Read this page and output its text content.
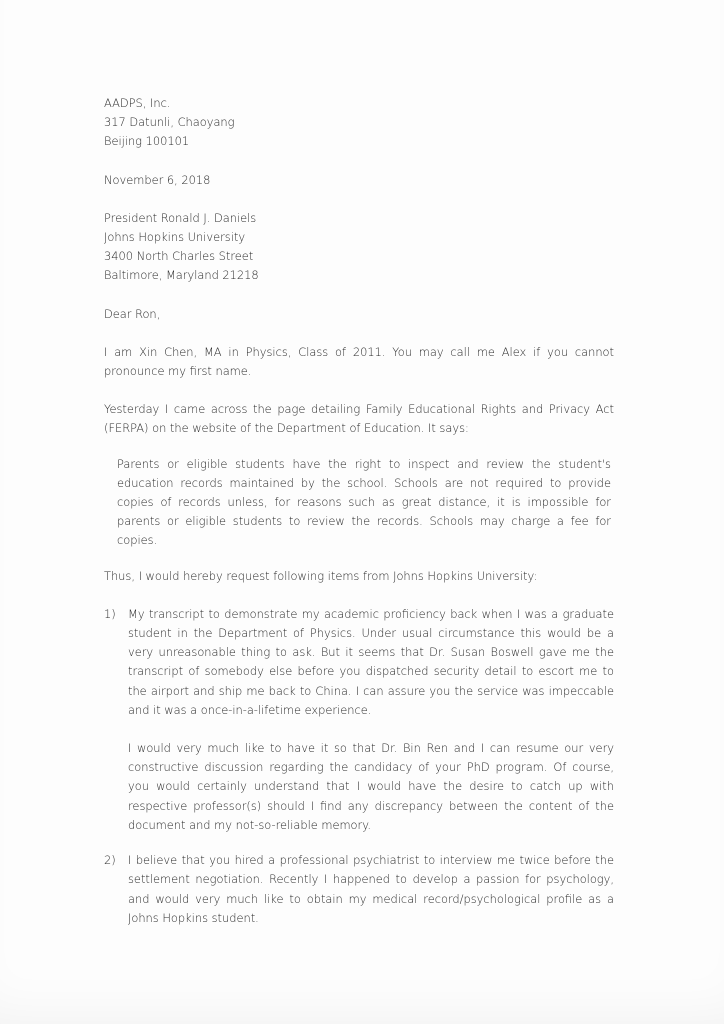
AADPS, Inc.
317 Datunli, Chaoyang
Beijing 100101
November 6, 2018
President Ronald J. Daniels
Johns Hopkins University
3400 North Charles Street
Baltimore, Maryland 21218
Dear Ron,

I am Xin Chen, MA in Physics, Class of 2011. You may call me Alex if you cannot pronounce my first name.

Yesterday I came across the page detailing Family Educational Rights and Privacy Act (FERPA) on the website of the Department of Education. It says:

Parents or eligible students have the right to inspect and review the student's education records maintained by the school. Schools are not required to provide copies of records unless, for reasons such as great distance, it is impossible for parents or eligible students to review the records. Schools may charge a fee for copies.

Thus, I would hereby request following items from Johns Hopkins University:

1) My transcript to demonstrate my academic proficiency back when I was a graduate student in the Department of Physics. Under usual circumstance this would be a very unreasonable thing to ask. But it seems that Dr. Susan Boswell gave me the transcript of somebody else before you dispatched security detail to escort me to the airport and ship me back to China. I can assure you the service was impeccable and it was a once-in-a-lifetime experience.

I would very much like to have it so that Dr. Bin Ren and I can resume our very constructive discussion regarding the candidacy of your PhD program. Of course, you would certainly understand that I would have the desire to catch up with respective professor(s) should I find any discrepancy between the content of the document and my not-so-reliable memory.

2) I believe that you hired a professional psychiatrist to interview me twice before the settlement negotiation. Recently I happened to develop a passion for psychology, and would very much like to obtain my medical record/psychological profile as a Johns Hopkins student.
